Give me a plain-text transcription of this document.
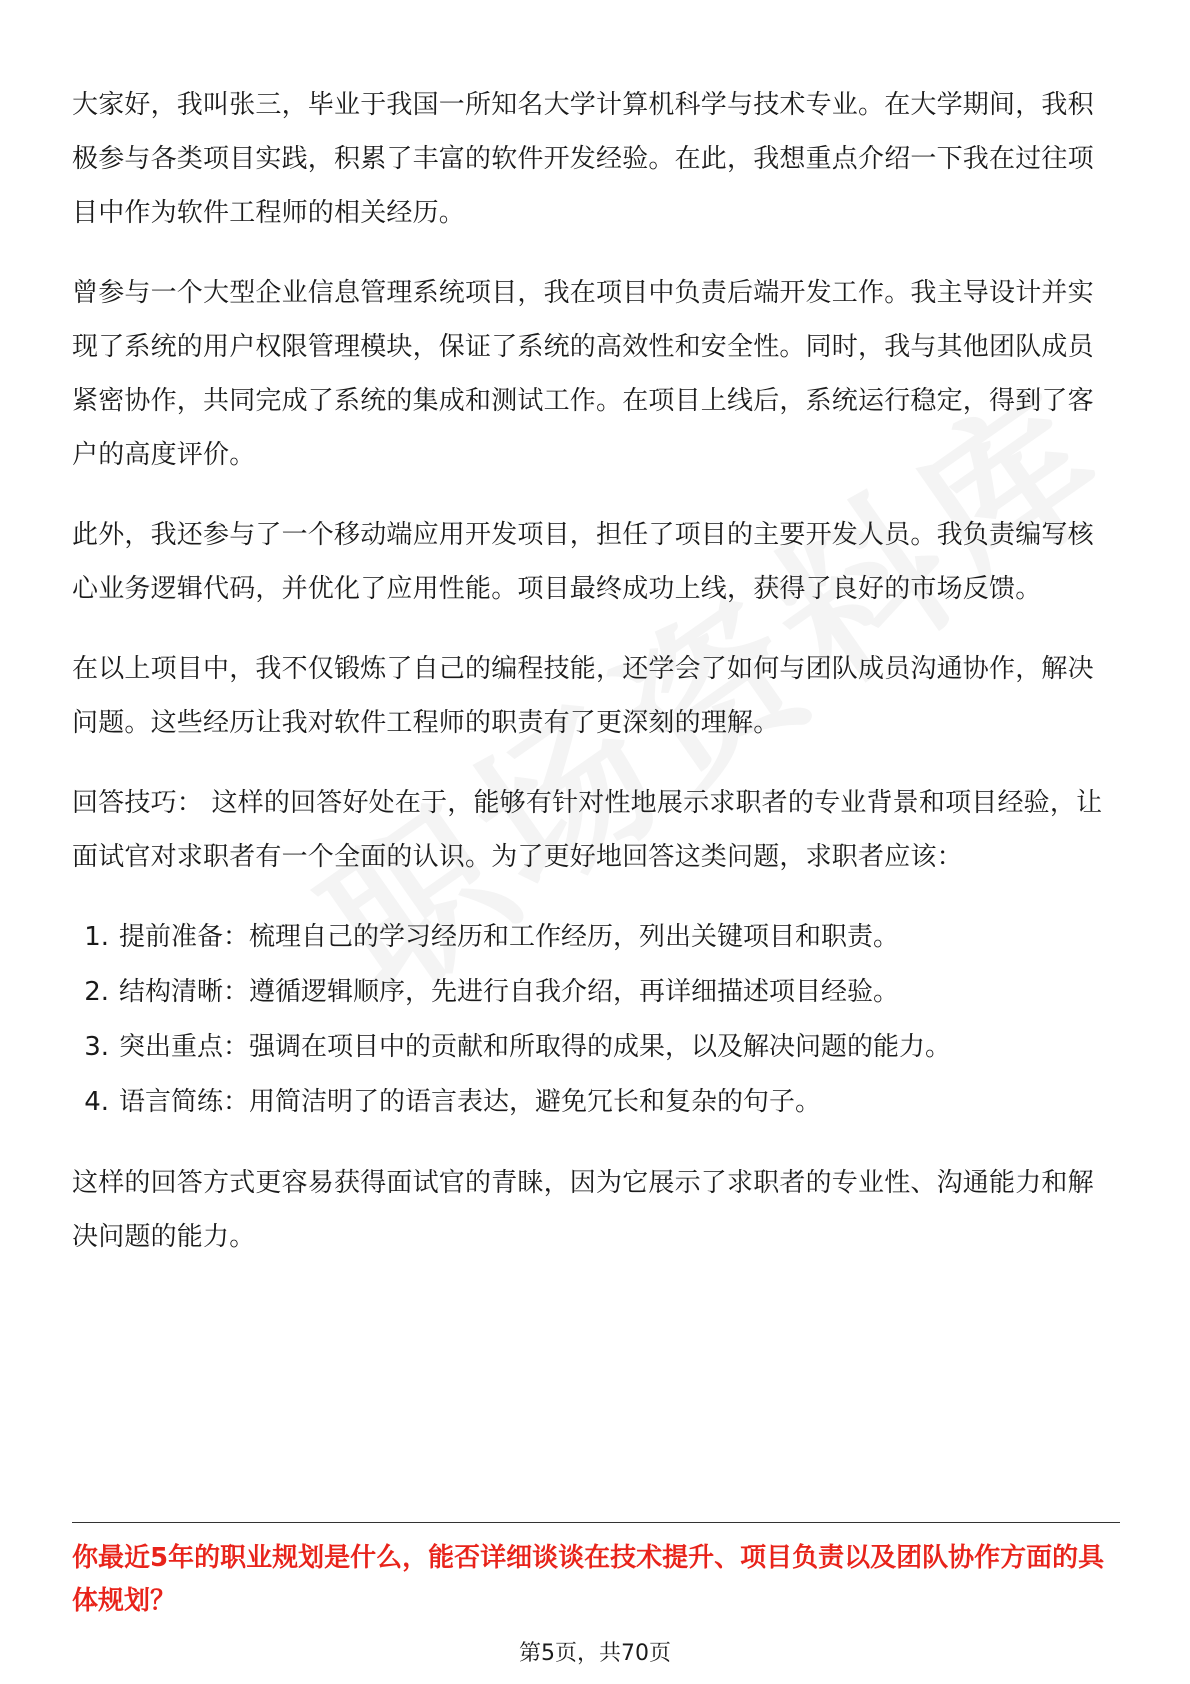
大家好，我叫张三，毕业于我国一所知名大学计算机科学与技术专业。在大学期间，我积极参与各类项目实践，积累了丰富的软件开发经验。在此，我想重点介绍一下我在过往项目中作为软件工程师的相关经历。

曾参与一个大型企业信息管理系统项目，我在项目中负责后端开发工作。我主导设计并实现了系统的用户权限管理模块，保证了系统的高效性和安全性。同时，我与其他团队成员紧密协作，共同完成了系统的集成和测试工作。在项目上线后，系统运行稳定，得到了客户的高度评价。

此外，我还参与了一个移动端应用开发项目，担任了项目的主要开发人员。我负责编写核心业务逻辑代码，并优化了应用性能。项目最终成功上线，获得了良好的市场反馈。

在以上项目中，我不仅锻炼了自己的编程技能，还学会了如何与团队成员沟通协作，解决问题。这些经历让我对软件工程师的职责有了更深刻的理解。

回答技巧： 这样的回答好处在于，能够有针对性地展示求职者的专业背景和项目经验，让面试官对求职者有一个全面的认识。为了更好地回答这类问题，求职者应该：

1. 提前准备：梳理自己的学习经历和工作经历，列出关键项目和职责。
2. 结构清晰：遵循逻辑顺序，先进行自我介绍，再详细描述项目经验。
3. 突出重点：强调在项目中的贡献和所取得的成果，以及解决问题的能力。
4. 语言简练：用简洁明了的语言表达，避免冗长和复杂的句子。

这样的回答方式更容易获得面试官的青睐，因为它展示了求职者的专业性、沟通能力和解决问题的能力。

你最近5年的职业规划是什么，能否详细谈谈在技术提升、项目负责以及团队协作方面的具体规划？

第5页，共70页
